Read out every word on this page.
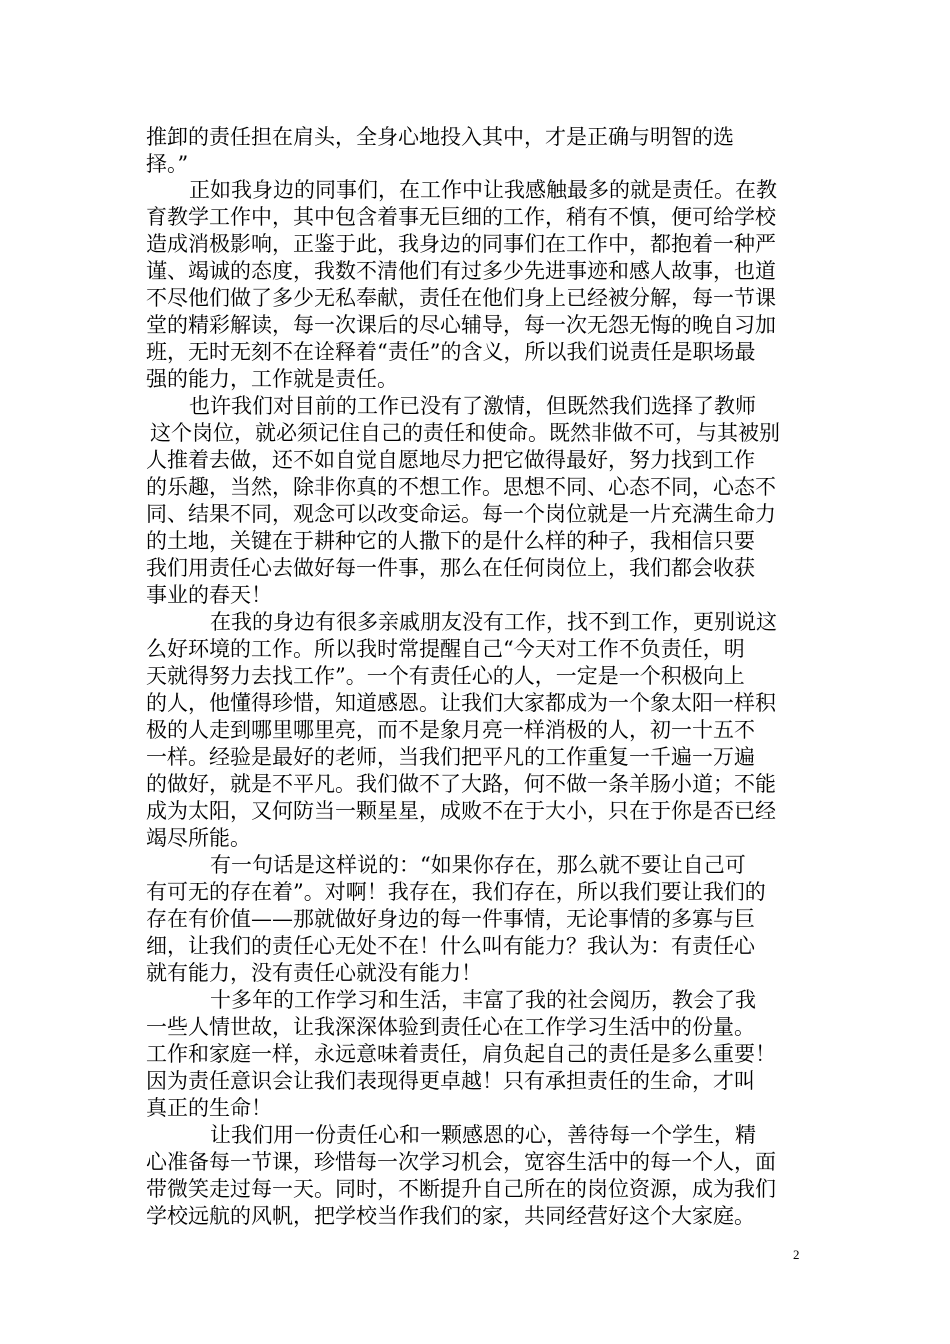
推卸的责任担在肩头，全身心地投入其中，才是正确与明智的选
择。”
正如我身边的同事们，在工作中让我感触最多的就是责任。在教
育教学工作中，其中包含着事无巨细的工作，稍有不慎，便可给学校
造成消极影响，正鉴于此，我身边的同事们在工作中，都抱着一种严
谨、竭诚的态度，我数不清他们有过多少先进事迹和感人故事，也道
不尽他们做了多少无私奉献，责任在他们身上已经被分解，每一节课
堂的精彩解读，每一次课后的尽心辅导，每一次无怨无悔的晚自习加
班，无时无刻不在诠释着“责任”的含义，所以我们说责任是职场最
强的能力，工作就是责任。
也许我们对目前的工作已没有了激情，但既然我们选择了教师
这个岗位，就必须记住自己的责任和使命。既然非做不可，与其被别
人推着去做，还不如自觉自愿地尽力把它做得最好，努力找到工作
的乐趣，当然，除非你真的不想工作。思想不同、心态不同，心态不
同、结果不同，观念可以改变命运。每一个岗位就是一片充满生命力
的土地，关键在于耕种它的人撒下的是什么样的种子，我相信只要
我们用责任心去做好每一件事，那么在任何岗位上，我们都会收获
事业的春天！
在我的身边有很多亲戚朋友没有工作，找不到工作，更别说这
么好环境的工作。所以我时常提醒自己“今天对工作不负责任，明
天就得努力去找工作”。一个有责任心的人，一定是一个积极向上
的人，他懂得珍惜，知道感恩。让我们大家都成为一个象太阳一样积
极的人走到哪里哪里亮，而不是象月亮一样消极的人，初一十五不
一样。经验是最好的老师，当我们把平凡的工作重复一千遍一万遍
的做好，就是不平凡。我们做不了大路，何不做一条羊肠小道；不能
成为太阳，又何防当一颗星星，成败不在于大小，只在于你是否已经
竭尽所能。
有一句话是这样说的：“如果你存在，那么就不要让自己可
有可无的存在着”。对啊！我存在，我们存在，所以我们要让我们的
存在有价值——那就做好身边的每一件事情，无论事情的多寡与巨
细，让我们的责任心无处不在！什么叫有能力？我认为：有责任心
就有能力，没有责任心就没有能力！
十多年的工作学习和生活，丰富了我的社会阅历，教会了我
一些人情世故，让我深深体验到责任心在工作学习生活中的份量。
工作和家庭一样，永远意味着责任，肩负起自己的责任是多么重要！
因为责任意识会让我们表现得更卓越！只有承担责任的生命，才叫
真正的生命！
让我们用一份责任心和一颗感恩的心，善待每一个学生，精
心准备每一节课，珍惜每一次学习机会，宽容生活中的每一个人，面
带微笑走过每一天。同时，不断提升自己所在的岗位资源，成为我们
学校远航的风帆，把学校当作我们的家，共同经营好这个大家庭。
2
